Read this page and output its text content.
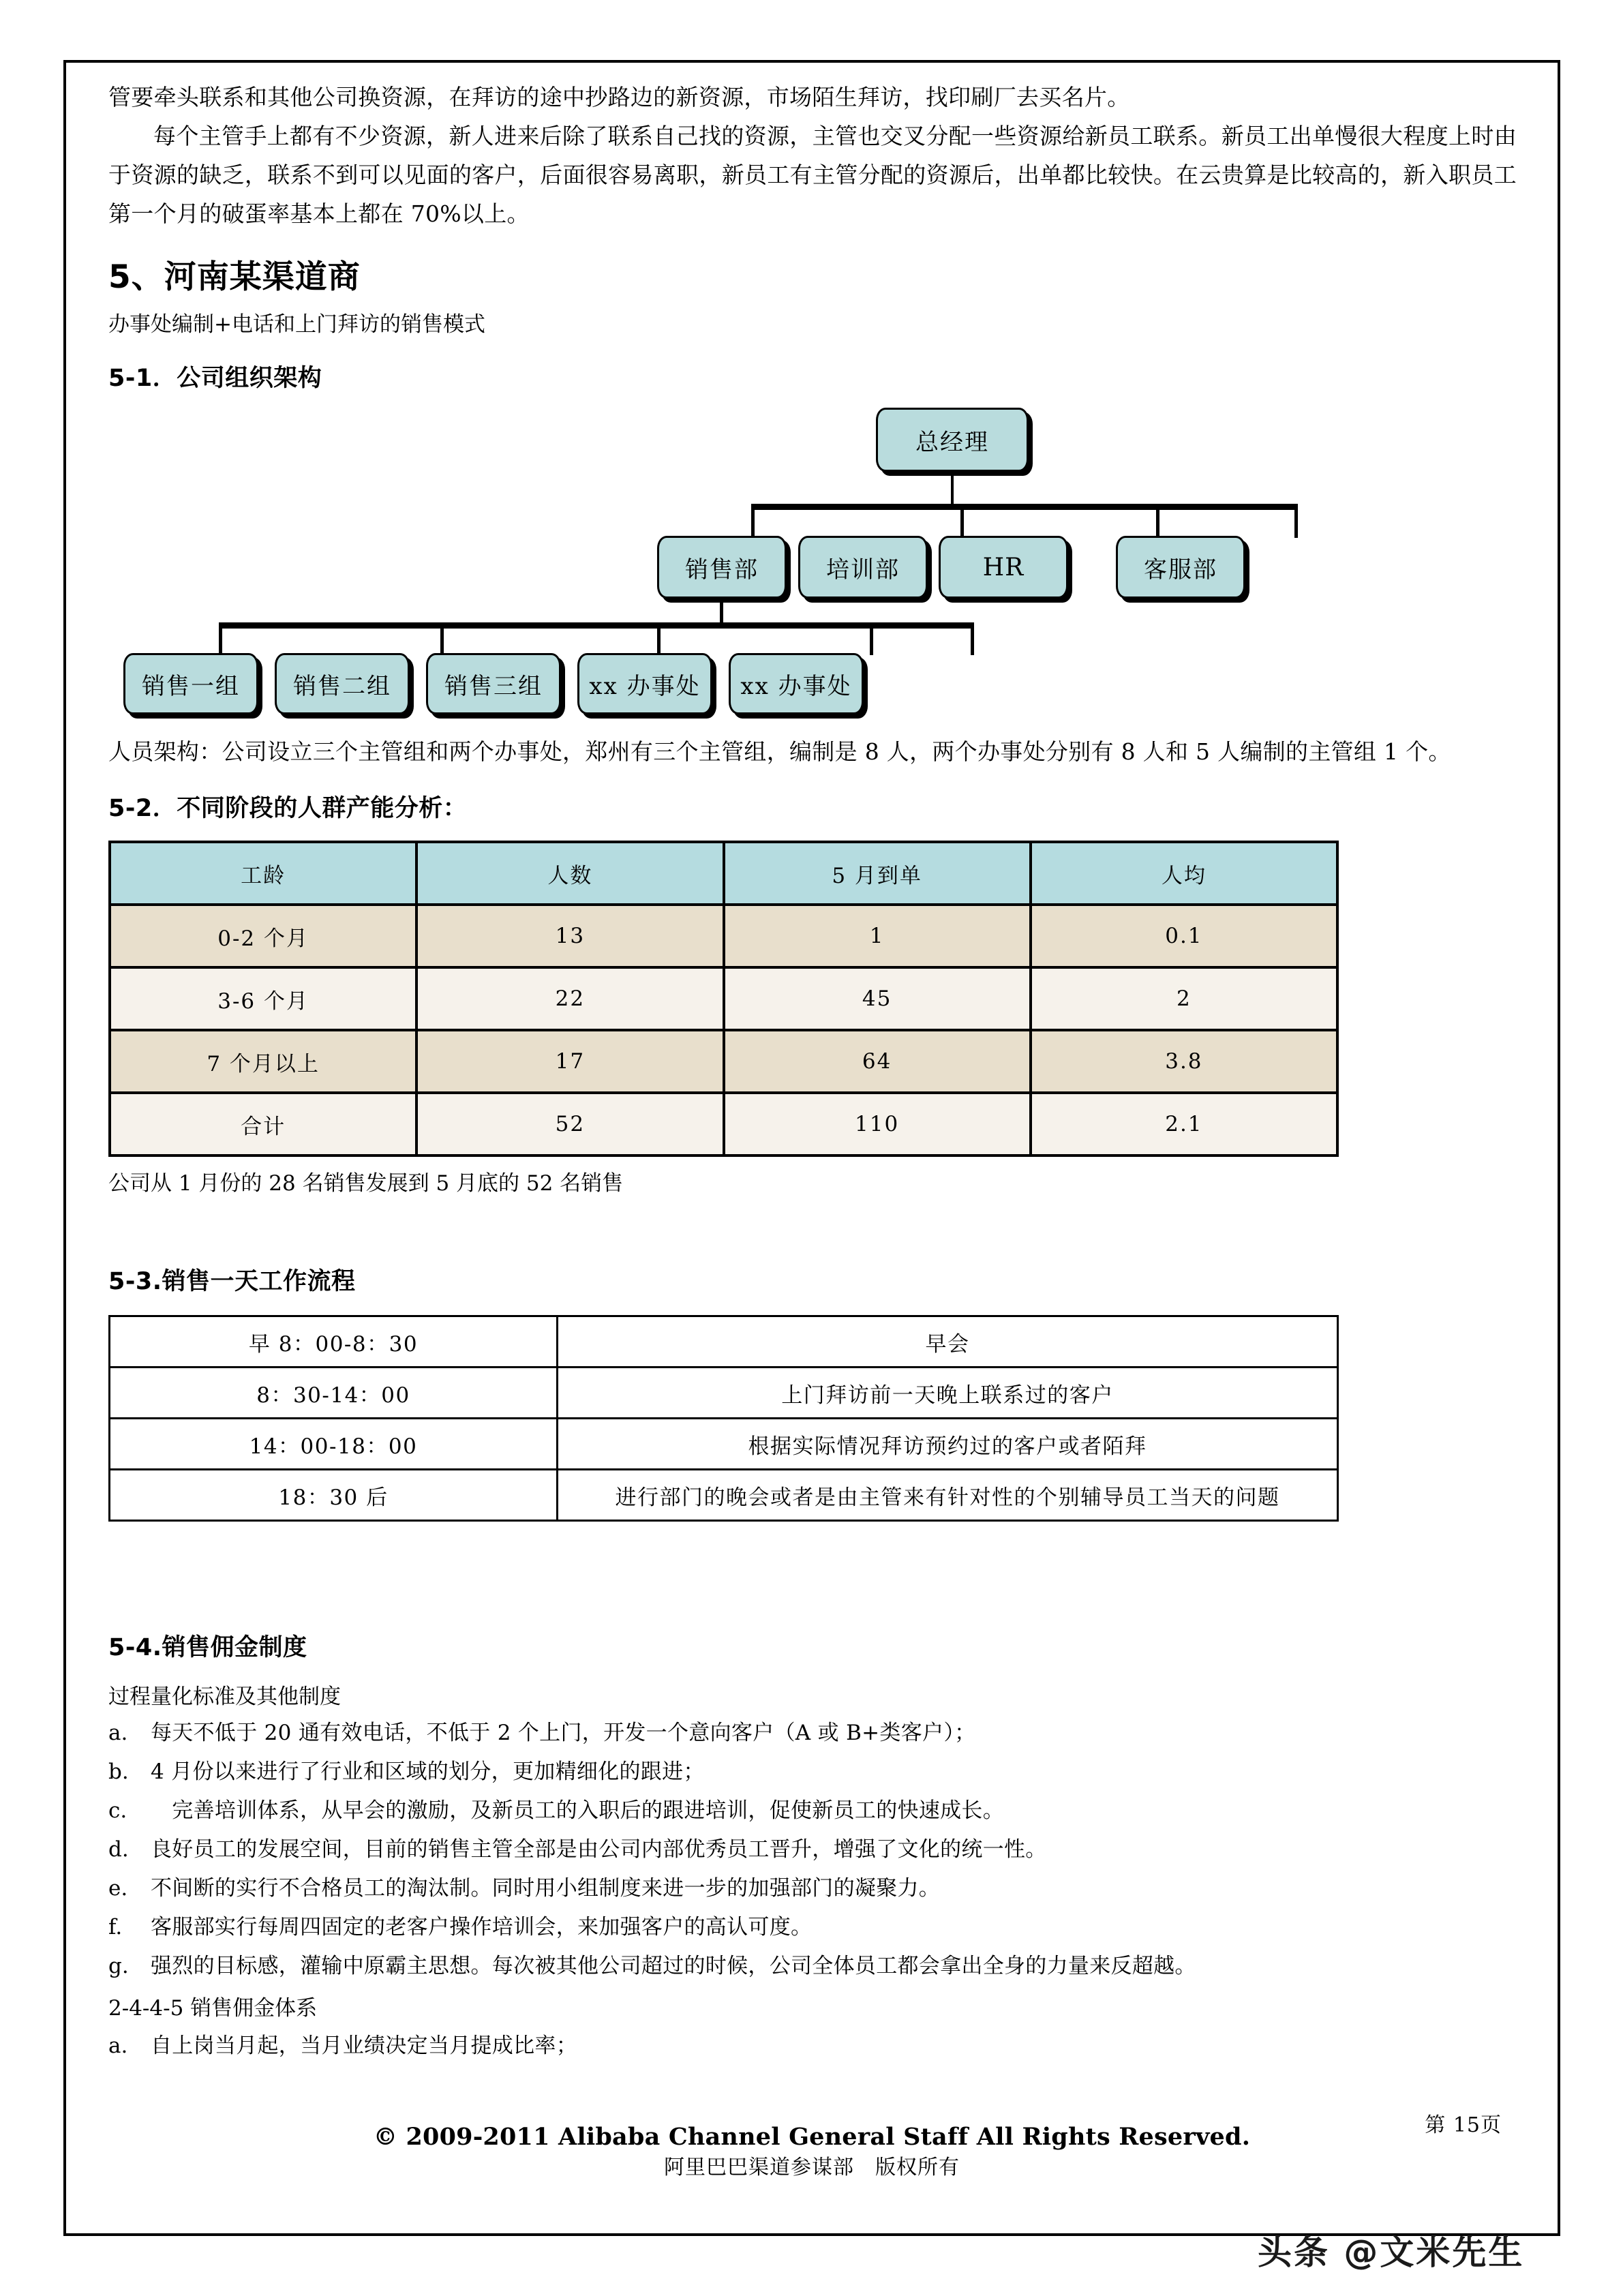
管要牵头联系和其他公司换资源，在拜访的途中抄路边的新资源，市场陌生拜访，找印刷厂去买名片。

每个主管手上都有不少资源，新人进来后除了联系自己找的资源，主管也交叉分配一些资源给新员工联系。新员工出单慢很大程度上时由于资源的缺乏，联系不到可以见面的客户，后面很容易离职，新员工有主管分配的资源后，出单都比较快。在云贵算是比较高的，新入职员工第一个月的破蛋率基本上都在 70%以上。

5、河南某渠道商

办事处编制+电话和上门拜访的销售模式

5-1．公司组织架构
总经理
销售部	培训部	HR	客服部
销售一组 销售二组 销售三组 xx 办事处 xx 办事处

人员架构：公司设立三个主管组和两个办事处，郑州有三个主管组，编制是 8 人，两个办事处分别有 8 人和 5 人编制的主管组 1 个。

5-2．不同阶段的人群产能分析：
工龄	人数	5 月到单	人均
0-2 个月	13	1	0.1
3-6 个月	22	45	2
7 个月以上	17	64	3.8
合计	52	110	2.1

公司从 1 月份的 28 名销售发展到 5 月底的 52 名销售

5-3.销售一天工作流程
早 8：00-8：30	早会
8：30-14：00	上门拜访前一天晚上联系过的客户
14：00-18：00	根据实际情况拜访预约过的客户或者陌拜
18：30 后	进行部门的晚会或者是由主管来有针对性的个别辅导员工当天的问题
5-4.销售佣金制度

过程量化标准及其他制度

a.	每天不低于 20 通有效电话，不低于 2 个上门，开发一个意向客户（A 或 B+类客户）；
b.	4 月份以来进行了行业和区域的划分，更加精细化的跟进；
c.	　完善培训体系，从早会的激励，及新员工的入职后的跟进培训，促使新员工的快速成长。
d.	良好员工的发展空间，目前的销售主管全部是由公司内部优秀员工晋升，增强了文化的统一性。
e.	不间断的实行不合格员工的淘汰制。同时用小组制度来进一步的加强部门的凝聚力。
f.	客服部实行每周四固定的老客户操作培训会，来加强客户的高认可度。
g.	强烈的目标感，灌输中原霸主思想。每次被其他公司超过的时候，公司全体员工都会拿出全身的力量来反超越。

2-4-4-5 销售佣金体系

a.	自上岗当月起，当月业绩决定当月提成比率；
© 2009-2011 Alibaba Channel General Staff All Rights Reserved.
阿里巴巴渠道参谋部　版权所有
第 15页
头条 @文米先生
